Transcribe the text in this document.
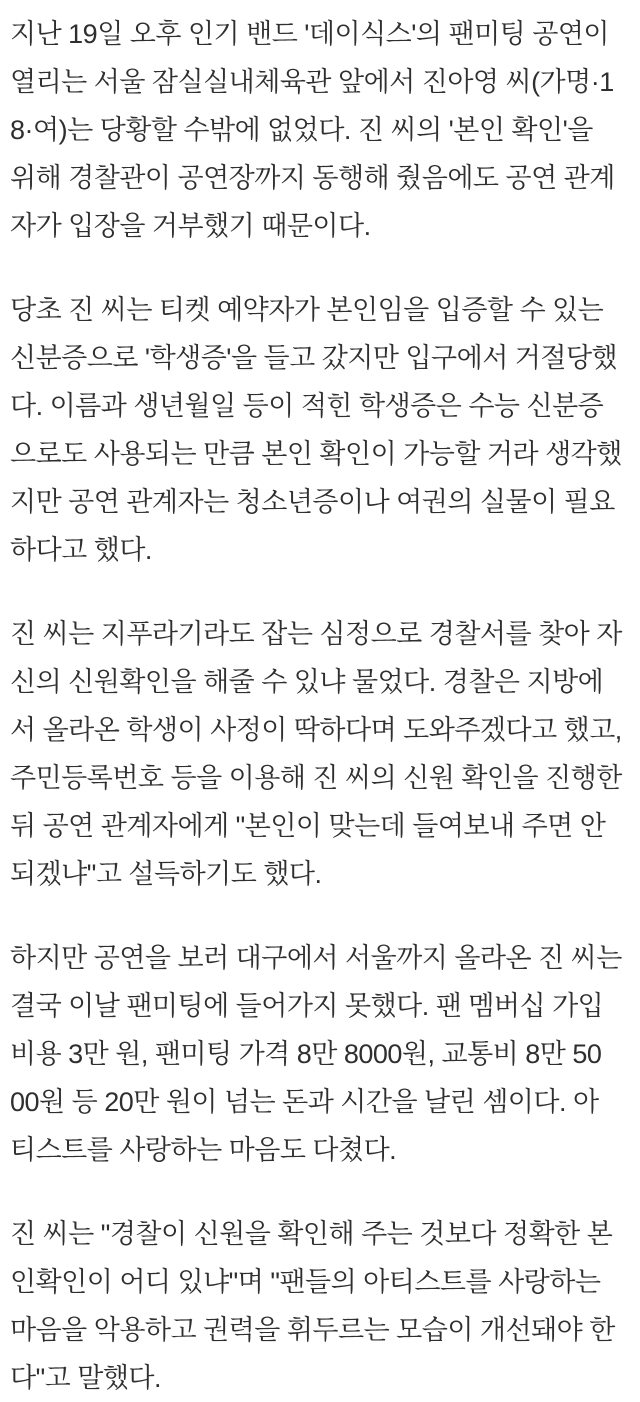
지난 19일 오후 인기 밴드 '데이식스'의 팬미팅 공연이
열리는 서울 잠실실내체육관 앞에서 진아영 씨(가명·1
8·여)는 당황할 수밖에 없었다. 진 씨의 '본인 확인'을
위해 경찰관이 공연장까지 동행해 줬음에도 공연 관계
자가 입장을 거부했기 때문이다.

당초 진 씨는 티켓 예약자가 본인임을 입증할 수 있는
신분증으로 '학생증'을 들고 갔지만 입구에서 거절당했
다. 이름과 생년월일 등이 적힌 학생증은 수능 신분증
으로도 사용되는 만큼 본인 확인이 가능할 거라 생각했
지만 공연 관계자는 청소년증이나 여권의 실물이 필요
하다고 했다.

진 씨는 지푸라기라도 잡는 심정으로 경찰서를 찾아 자
신의 신원확인을 해줄 수 있냐 물었다. 경찰은 지방에
서 올라온 학생이 사정이 딱하다며 도와주겠다고 했고,
주민등록번호 등을 이용해 진 씨의 신원 확인을 진행한
뒤 공연 관계자에게 "본인이 맞는데 들여보내 주면 안
되겠냐"고 설득하기도 했다.

하지만 공연을 보러 대구에서 서울까지 올라온 진 씨는
결국 이날 팬미팅에 들어가지 못했다. 팬 멤버십 가입
비용 3만 원, 팬미팅 가격 8만 8000원, 교통비 8만 50
00원 등 20만 원이 넘는 돈과 시간을 날린 셈이다. 아
티스트를 사랑하는 마음도 다쳤다.

진 씨는 "경찰이 신원을 확인해 주는 것보다 정확한 본
인확인이 어디 있냐"며 "팬들의 아티스트를 사랑하는
마음을 악용하고 권력을 휘두르는 모습이 개선돼야 한
다"고 말했다.
